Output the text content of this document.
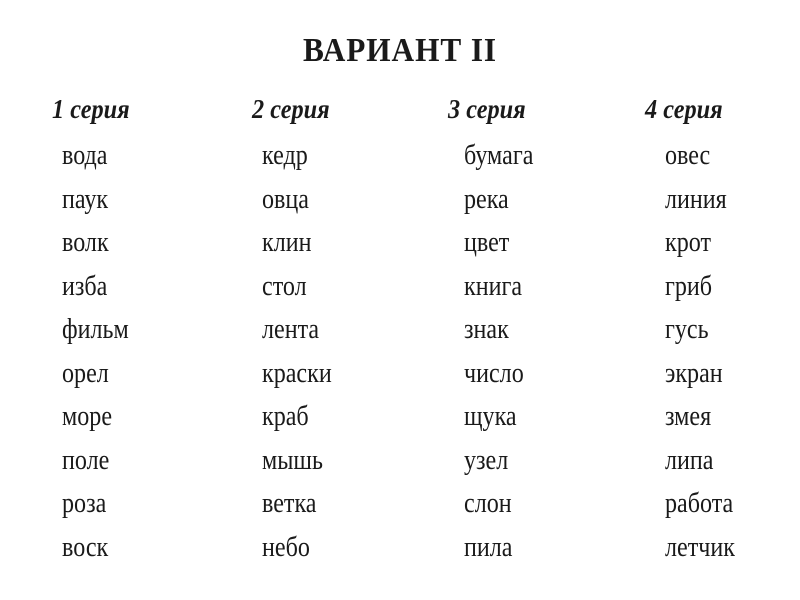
ВАРИАНТ II
1 серия
вода
паук
волк
изба
фильм
орел
море
поле
роза
воск
2 серия
кедр
овца
клин
стол
лента
краски
краб
мышь
ветка
небо
3 серия
бумага
река
цвет
книга
знак
число
щука
узел
слон
пила
4 серия
овес
линия
крот
гриб
гусь
экран
змея
липа
работа
летчик
